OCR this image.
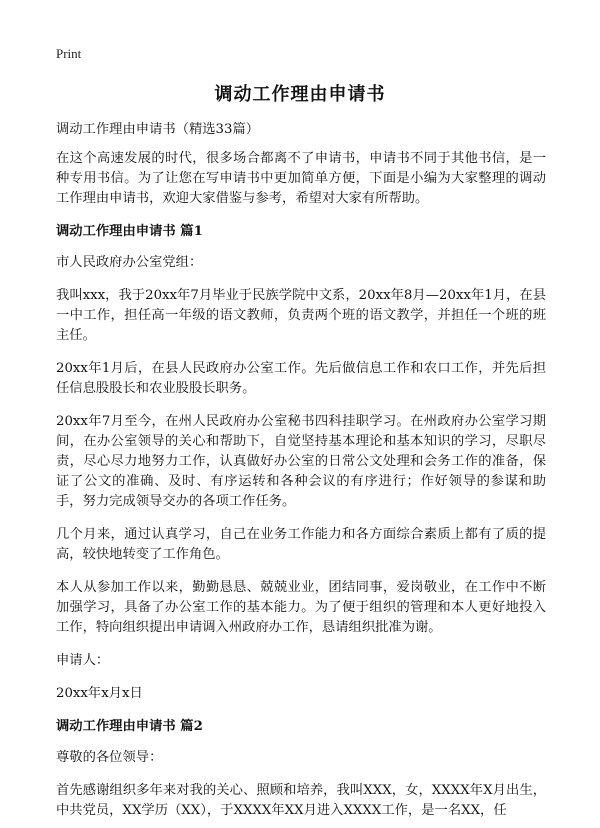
Print
调动工作理由申请书

调动工作理由申请书（精选33篇）

在这个高速发展的时代，很多场合都离不了申请书，申请书不同于其他书信，是一种专用书信。为了让您在写申请书中更加简单方便，下面是小编为大家整理的调动工作理由申请书，欢迎大家借鉴与参考，希望对大家有所帮助。

调动工作理由申请书 篇1

市人民政府办公室党组：

我叫xxx，我于20xx年7月毕业于民族学院中文系，20xx年8月—20xx年1月，在县一中工作，担任高一年级的语文教师，负责两个班的语文教学，并担任一个班的班主任。

20xx年1月后，在县人民政府办公室工作。先后做信息工作和农口工作，并先后担任信息股股长和农业股股长职务。

20xx年7月至今，在州人民政府办公室秘书四科挂职学习。在州政府办公室学习期间，在办公室领导的关心和帮助下，自觉坚持基本理论和基本知识的学习，尽职尽责，尽心尽力地努力工作，认真做好办公室的日常公文处理和会务工作的准备，保证了公文的准确、及时、有序运转和各种会议的有序进行；作好领导的参谋和助手，努力完成领导交办的各项工作任务。

几个月来，通过认真学习，自己在业务工作能力和各方面综合素质上都有了质的提高，较快地转变了工作角色。

本人从参加工作以来，勤勤恳恳、兢兢业业，团结同事，爱岗敬业，在工作中不断加强学习，具备了办公室工作的基本能力。为了便于组织的管理和本人更好地投入工作，特向组织提出申请调入州政府办工作，恳请组织批准为谢。

申请人：

20xx年x月x日

调动工作理由申请书 篇2

尊敬的各位领导：

首先感谢组织多年来对我的关心、照顾和培养，我叫XXX，女，XXXX年X月出生，中共党员，XX学历（XX），于XXXX年XX月进入XXXX工作，是一名XX，任
